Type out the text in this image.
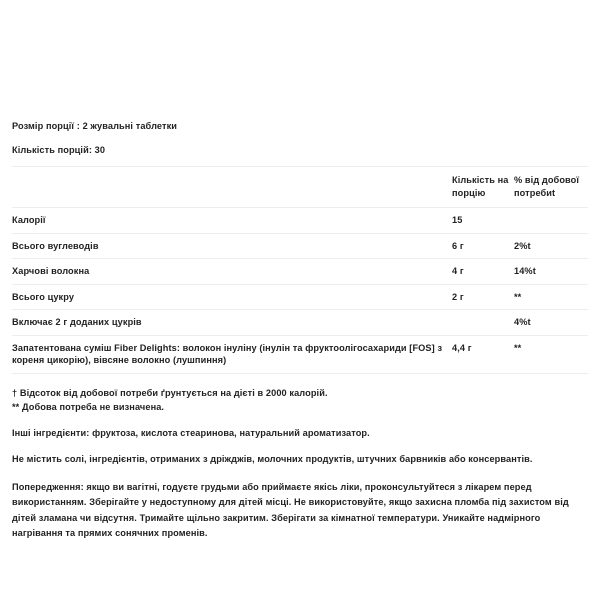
Розмір порції : 2 жувальні таблетки
Кількість порцій: 30
	Кількість на порцію	% від добової потребиt
Калорії	15	
Всього вуглеводів	6 г	2%t
Харчові волокна	4 г	14%t
Всього цукру	2 г	**
Включає 2 г доданих цукрів		4%t
Запатентована суміш Fiber Delights: волокон інуліну (інулін та фруктоолігосахариди [FOS] з кореня цикорію), вівсяне волокно (лушпиння)	4,4 г	**
† Відсоток від добової потреби ґрунтується на дієті в 2000 калорій.
** Добова потреба не визначена.
Інші інгредієнти: фруктоза, кислота стеаринова, натуральний ароматизатор.
Не містить солі, інгредієнтів, отриманих з дріжджів, молочних продуктів, штучних барвників або консервантів.
Попередження: якщо ви вагітні, годуєте грудьми або приймаєте якісь ліки, проконсультуйтеся з лікарем перед використанням. Зберігайте у недоступному для дітей місці. Не використовуйте, якщо захисна пломба під захистом від дітей зламана чи відсутня. Тримайте щільно закритим. Зберігати за кімнатної температури. Уникайте надмірного нагрівання та прямих сонячних променів.
